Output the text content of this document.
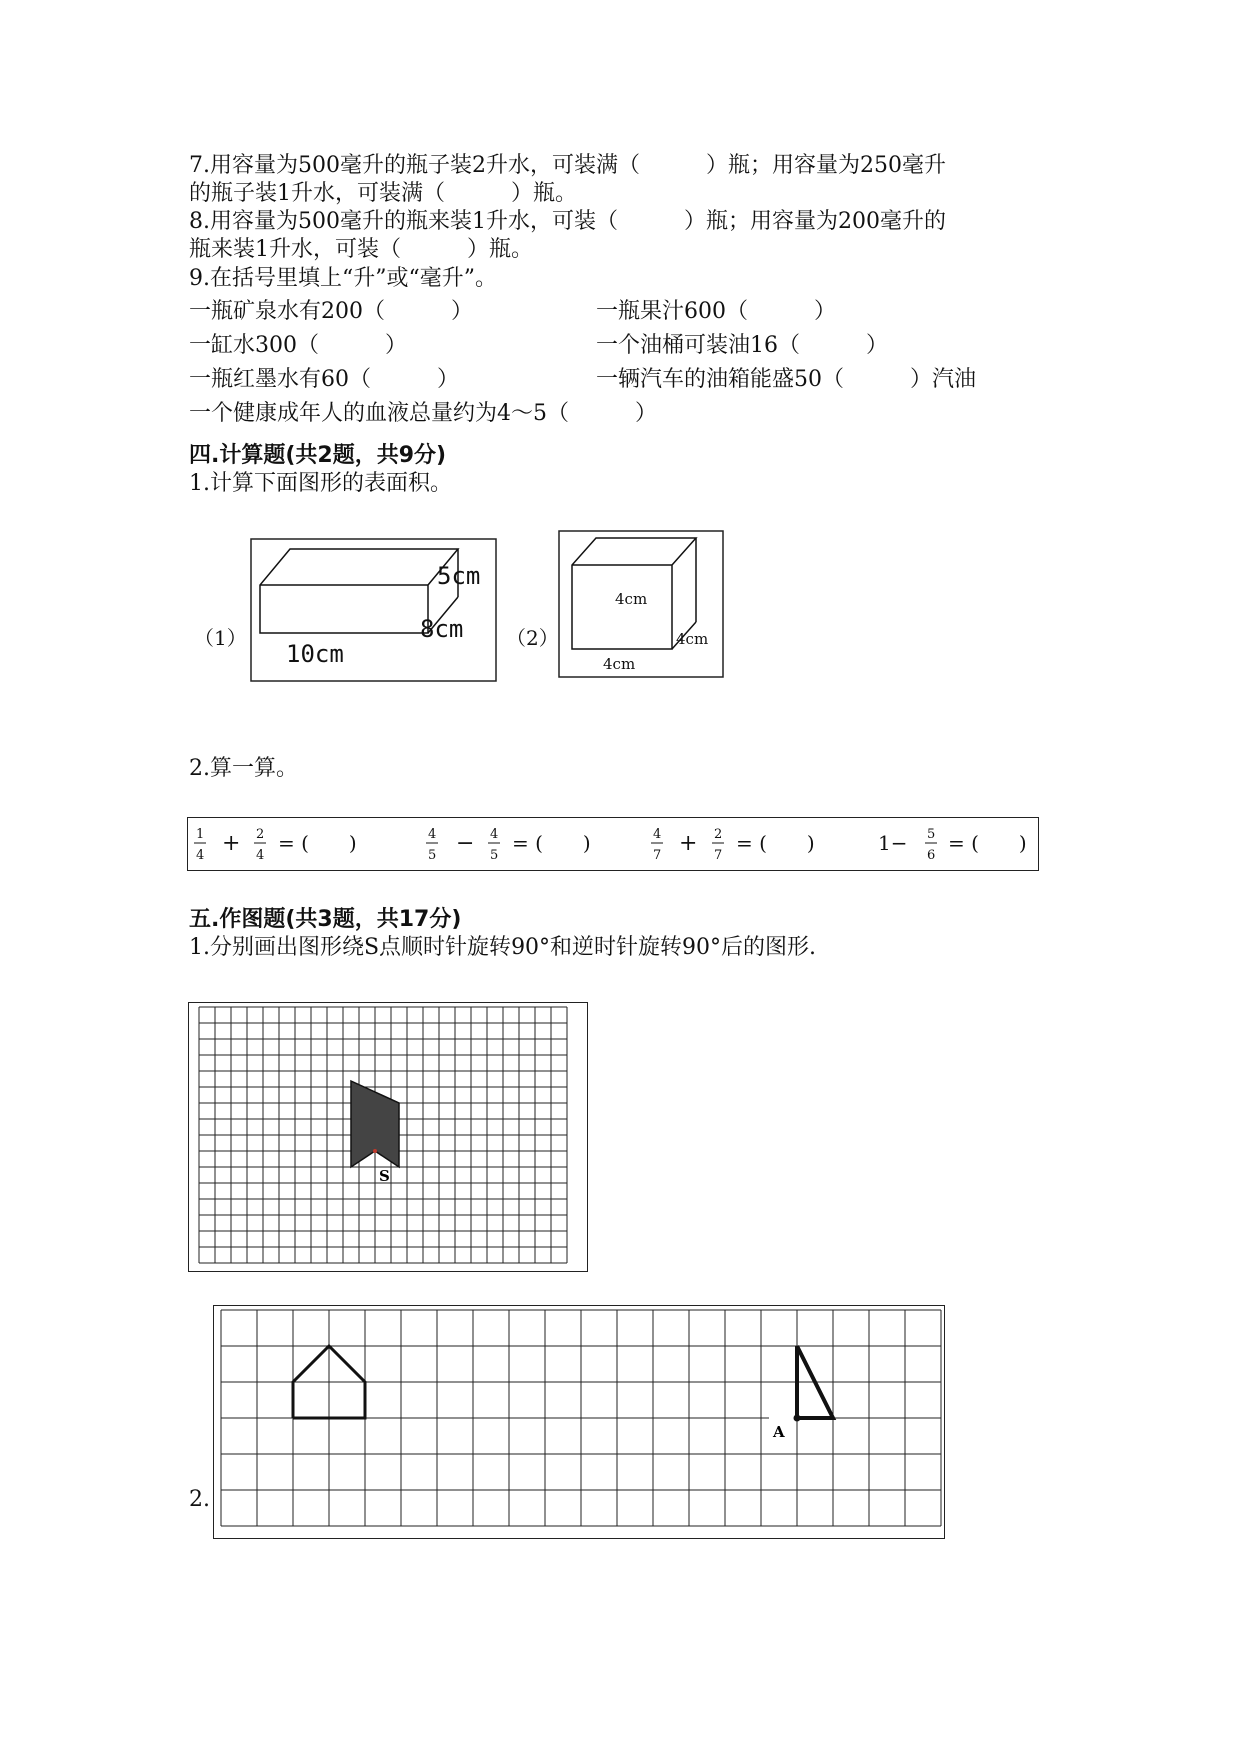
7.用容量为500毫升的瓶子装2升水，可装满（　　　）瓶；用容量为250毫升
的瓶子装1升水，可装满（　　　）瓶。
8.用容量为500毫升的瓶来装1升水，可装（　　　）瓶；用容量为200毫升的
瓶来装1升水，可装（　　　）瓶。
9.在括号里填上“升”或“毫升”。
一瓶矿泉水有200（　　　）	一瓶果汁600（　　　）
一缸水300（　　　）	一个油桶可装油16（　　　）
一瓶红墨水有60（　　　）	一辆汽车的油箱能盛50（　　　）汽油
一个健康成年人的血液总量约为4～5（　　　）
四.计算题(共2题，共9分)
1.计算下面图形的表面积。
（1）
5cm
8cm
10cm
（2）
4cm
4cm
4cm
2.算一算。
1
4 + 2
4
= (　　)	4
5 − 4
5
= (　　)	4
7 + 2
7
= (　　)	1− 5
6
= (　　)
五.作图题(共3题，共17分)
1.分别画出图形绕S点顺时针旋转90°和逆时针旋转90°后的图形.
S
2.
A
